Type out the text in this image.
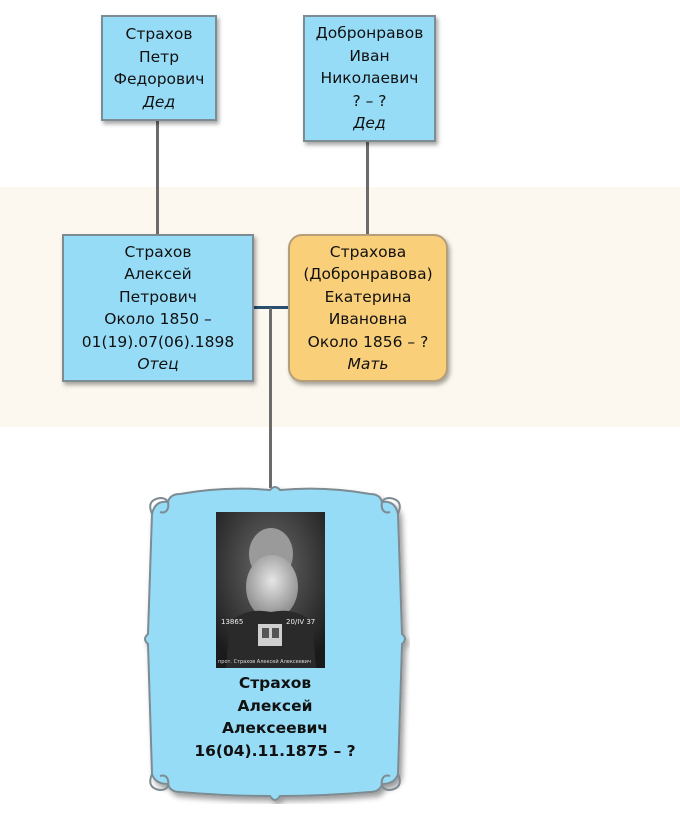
Страхов
Петр
Федорович
Дед
Добронравов
Иван
Николаевич
? – ?
Дед
Страхов
Алексей
Петрович
Около 1850 –
01(19).07(06).1898
Отец
Страхова
(Добронравова)
Екатерина
Ивановна
Около 1856 – ?
Мать
13865	20/IV 37
прот. Страхов Алексей Алексеевич
Страхов
Алексей
Алексеевич
16(04).11.1875 – ?
